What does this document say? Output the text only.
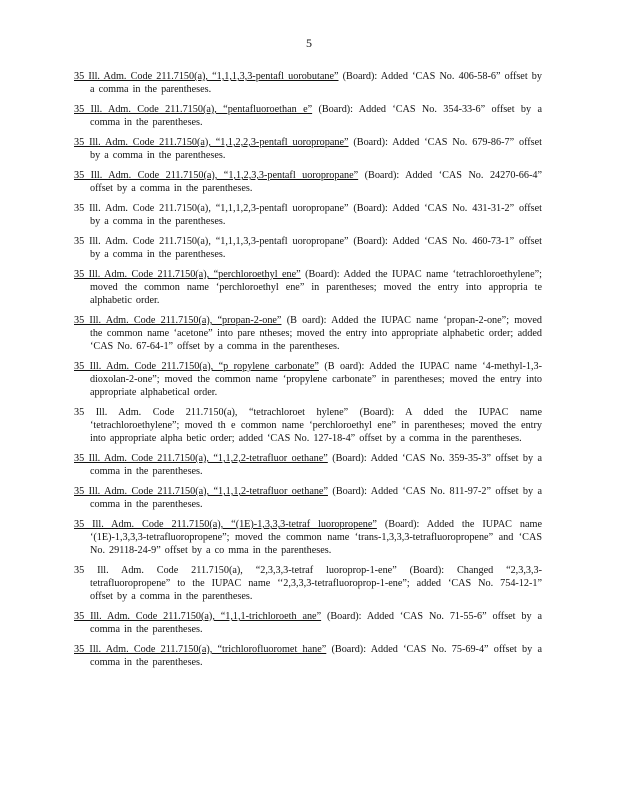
5

35 Ill. Adm. Code 211.7150(a), “1,1,1,3,3-pentafl uorobutane” (Board): Added ‘CAS No. 406-58-6” offset by a comma in the parentheses.

35 Ill. Adm. Code 211.7150(a), “pentafluoroethan e” (Board): Added ‘CAS No. 354-33-6” offset by a comma in the parentheses.

35 Ill. Adm. Code 211.7150(a), “1,1,2,2,3-pentafl uoropropane” (Board): Added ‘CAS No. 679-86-7” offset by a comma in the parentheses.

35 Ill. Adm. Code 211.7150(a), “1,1,2,3,3-pentafl uoropropane” (Board): Added ‘CAS No. 24270-66-4” offset by a comma in the parentheses.

35 Ill. Adm. Code 211.7150(a), “1,1,1,2,3-pentafl uoropropane” (Board): Added ‘CAS No. 431-31-2” offset by a comma in the parentheses.

35 Ill. Adm. Code 211.7150(a), “1,1,1,3,3-pentafl uoropropane” (Board): Added ‘CAS No. 460-73-1” offset by a comma in the parentheses.

35 Ill. Adm. Code 211.7150(a), “perchloroethyl ene” (Board): Added the IUPAC name ‘tetrachloroethylene”; moved the common name ‘perchloroethyl ene” in parentheses; moved the entry into appropria te alphabetic order.

35 Ill. Adm. Code 211.7150(a), “propan-2-one” (B oard): Added the IUPAC name ‘propan-2-one”; moved the common name ‘acetone” into pare ntheses; moved the entry into appropriate alphabetic order; added ‘CAS No. 67-64-1” offset by a comma in the parentheses.

35 Ill. Adm. Code 211.7150(a), “p ropylene carbonate” (B oard): Added the IUPAC name ‘4-methyl-1,3-dioxolan-2-one”; moved the common name ‘propylene carbonate” in parentheses; moved the entry into appropriate alphabetical order.

35 Ill. Adm. Code 211.7150(a), “tetrachloroet hylene” (Board): A dded the IUPAC name ‘tetrachloroethylene”; moved th e common name ‘perchloroethyl ene” in parentheses; moved the entry into appropriate alpha betic order; added ‘CAS No. 127-18-4” offset by a comma in the parentheses.

35 Ill. Adm. Code 211.7150(a), “1,1,2,2-tetrafluor oethane” (Board): Added ‘CAS No. 359-35-3” offset by a comma in the parentheses.

35 Ill. Adm. Code 211.7150(a), “1,1,1,2-tetrafluor oethane” (Board): Added ‘CAS No. 811-97-2” offset by a comma in the parentheses.

35 Ill. Adm. Code 211.7150(a), “(1E)-1,3,3,3-tetraf luoropropene” (Board): Added the IUPAC name ‘(1E)-1,3,3,3-tetrafluoropropene”; moved the common name ‘trans-1,3,3,3-tetrafluoropropene” and ‘CAS No. 29118-24-9” offset by a co mma in the parentheses.

35 Ill. Adm. Code 211.7150(a), “2,3,3,3-tetraf luoroprop-1-ene” (Board): Changed “2,3,3,3-tetrafluoropropene” to the IUPAC name ‘‘2,3,3,3-tetrafluoroprop-1-ene”; added ‘CAS No. 754-12-1” offset by a comma in the parentheses.

35 Ill. Adm. Code 211.7150(a), “1,1,1-trichloroeth ane” (Board): Added ‘CAS No. 71-55-6” offset by a comma in the parentheses.

35 Ill. Adm. Code 211.7150(a), “trichlorofluoromet hane” (Board): Added ‘CAS No. 75-69-4” offset by a comma in the parentheses.
